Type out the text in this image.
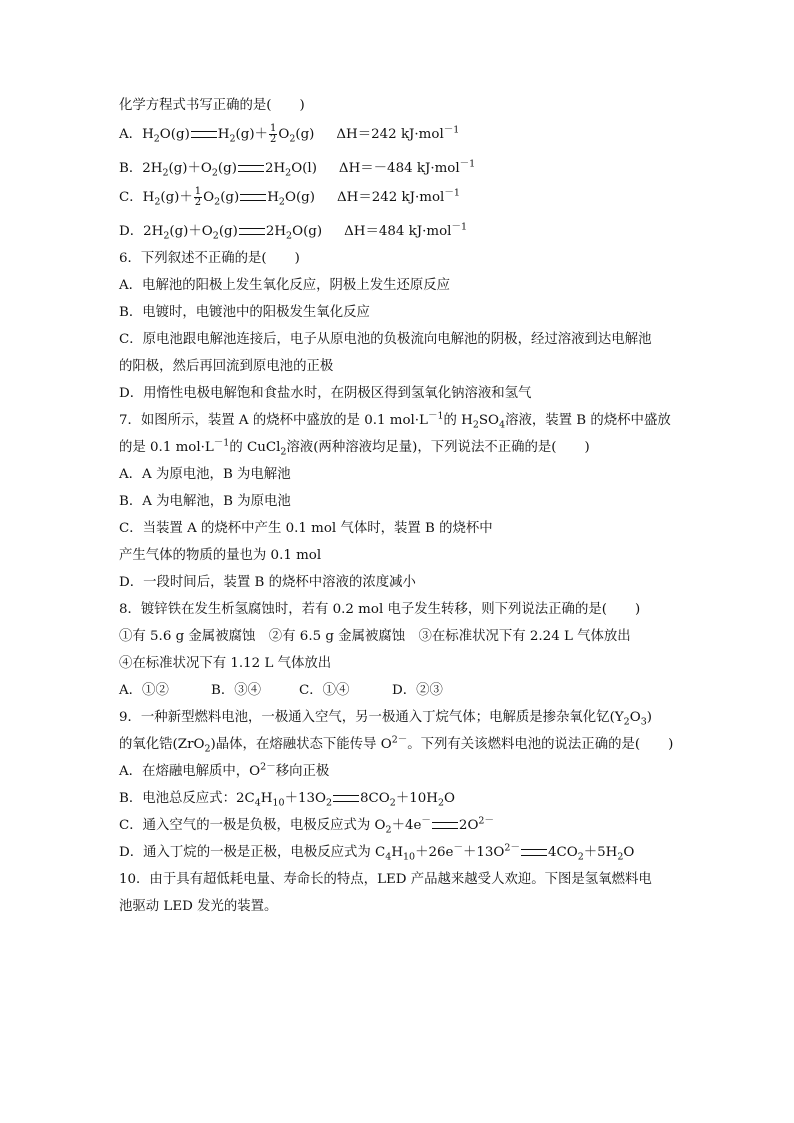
化学方程式书写正确的是( )
A．$H_2O(g)$ $H_2(g)+ \frac{1}{2} O_2(g)$ ΔH＝242 kJ·mol$^{-1}$
B．$2H_2(g)+O_2(g)$ $2H_2O(l)$ ΔH＝－484 kJ·mol$^{-1}$
C．$H_2(g)+ \frac{1}{2} O_2(g)$ $H_2O(g)$ ΔH＝242 kJ·mol$^{-1}$
D．$2H_2(g)+O_2(g)$ $2H_2O(g)$ ΔH＝484 kJ·mol$^{-1}$
6．下列叙述不正确的是( )
A．电解池的阳极上发生氧化反应，阴极上发生还原反应
B．电镀时，电镀池中的阳极发生氧化反应
C．原电池跟电解池连接后，电子从原电池的负极流向电解池的阴极，经过溶液到达电解池
的阳极，然后再回流到原电池的正极
D．用惰性电极电解饱和食盐水时，在阴极区得到氢氧化钠溶液和氢气
7．如图所示，装置 A 的烧杯中盛放的是 0.1 $mol\cdot L^{-1}$的 $H_2SO_4$溶液，装置 B 的烧杯中盛放
的是 0.1 $mol\cdot L^{-1}$的 CuCl$_2$溶液(两种溶液均足量)，下列说法不正确的是( )
A．A 为原电池，B 为电解池
B．A 为电解池，B 为原电池
C．当装置 A 的烧杯中产生 0.1 mol 气体时，装置 B 的烧杯中
产生气体的物质的量也为 0.1 mol
D．一段时间后，装置 B 的烧杯中溶液的浓度减小
8．镀锌铁在发生析氢腐蚀时，若有 0.2 mol 电子发生转移，则下列说法正确的是( )
①有 5.6 g 金属被腐蚀　②有 6.5 g 金属被腐蚀　③在标准状况下有 2.24 L 气体放出
④在标准状况下有 1.12 L 气体放出
A．①②	B．③④	C．①④	D．②③
9．一种新型燃料电池，一极通入空气，另一极通入丁烷气体；电解质是掺杂氧化钇$(Y_2O_3)$
的氧化锆(ZrO$_2$)晶体，在熔融状态下能传导 $O^{2-}$。下列有关该燃料电池的说法正确的是( )
A．在熔融电解质中，$O^{2-}$移向正极
B．电池总反应式：$2C_4H_{10}+13O_2$ $8CO_2+10H_2O$
C．通入空气的一极是负极，电极反应式为 $O_2+4e^-$ $2O^{2-}$
D．通入丁烷的一极是正极，电极反应式为 $C_4H_{10}+26e^-+13O^{2-}$ $4CO_2+5H_2O$
10．由于具有超低耗电量、寿命长的特点，LED 产品越来越受人欢迎。下图是氢氧燃料电
池驱动 LED 发光的装置。
